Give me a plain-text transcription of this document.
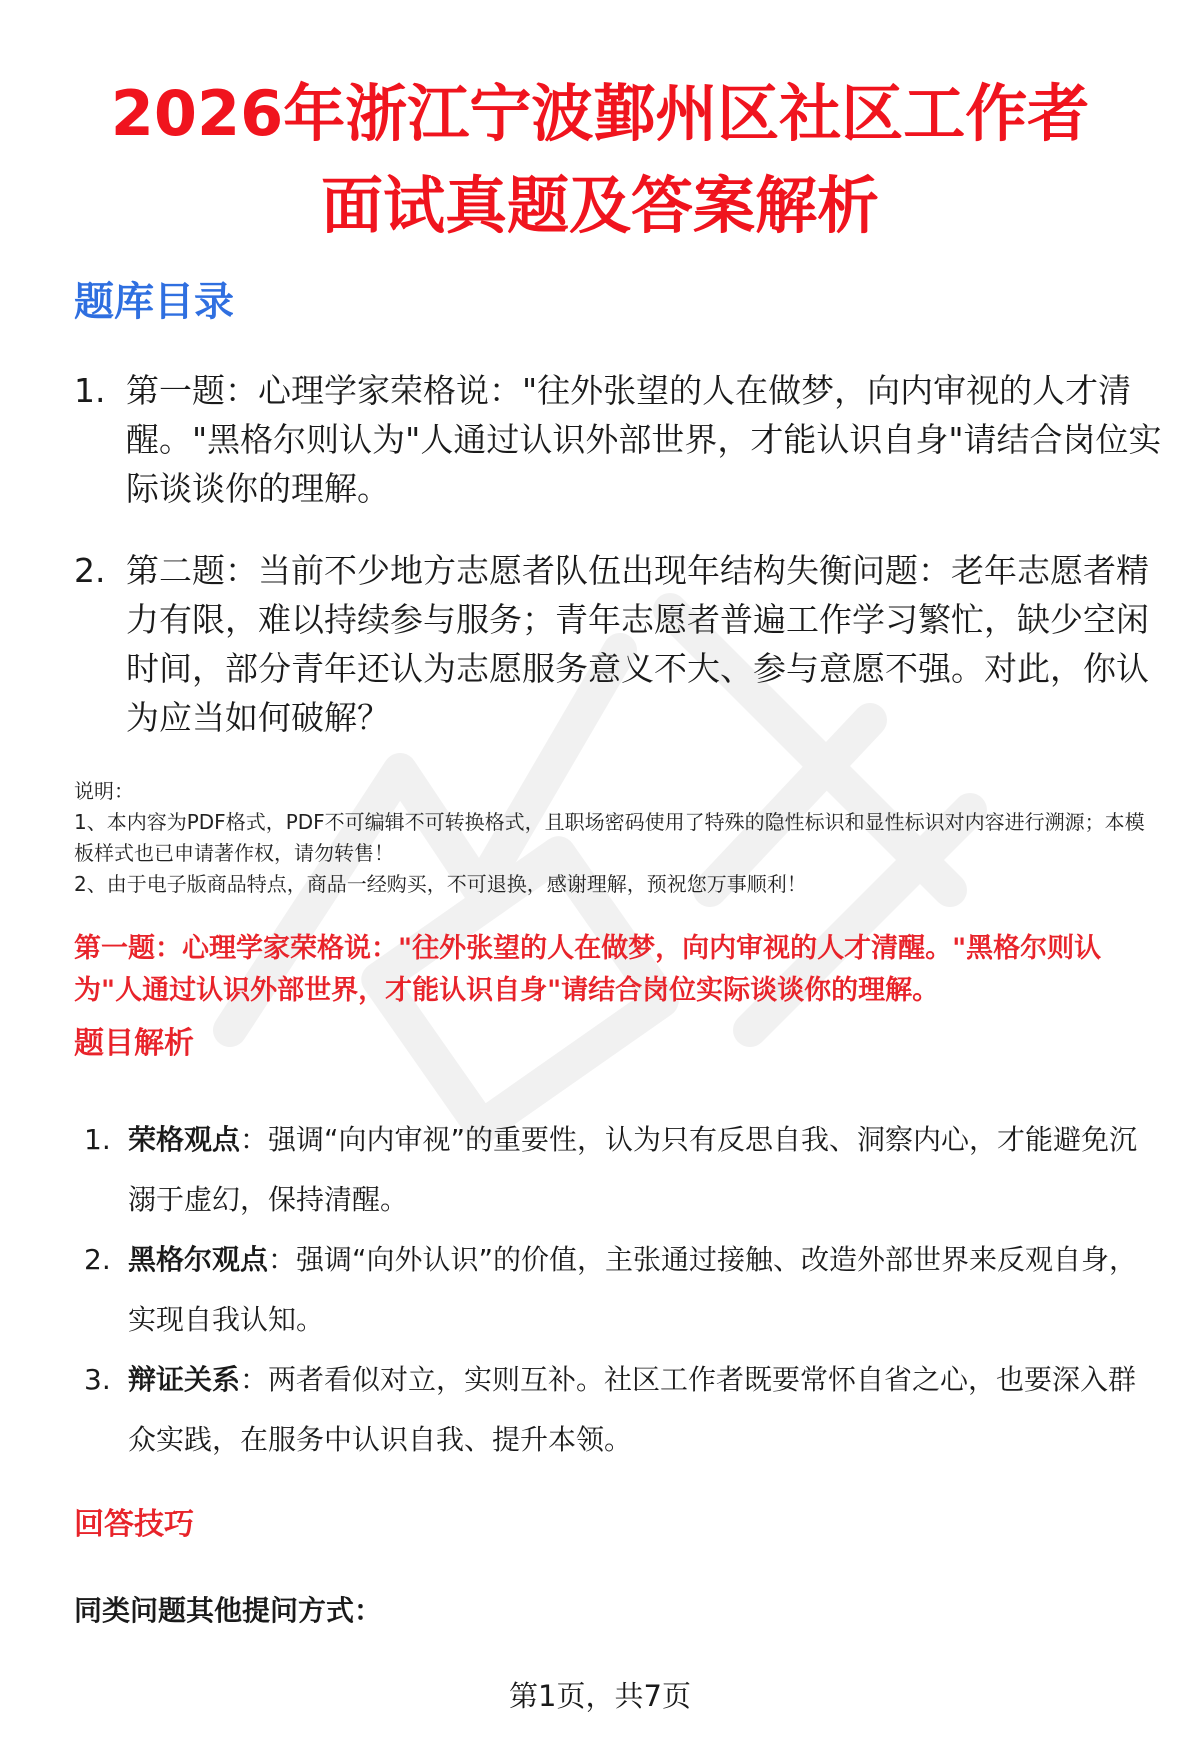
2026年浙江宁波鄞州区社区工作者
面试真题及答案解析
题库目录
1. 第一题：心理学家荣格说："往外张望的人在做梦，向内审视的人才清醒。"黑格尔则认为"人通过认识外部世界，才能认识自身"请结合岗位实际谈谈你的理解。
2. 第二题：当前不少地方志愿者队伍出现年结构失衡问题：老年志愿者精力有限，难以持续参与服务；青年志愿者普遍工作学习繁忙，缺少空闲时间，部分青年还认为志愿服务意义不大、参与意愿不强。对此，你认为应当如何破解？

说明：

1、本内容为PDF格式，PDF不可编辑不可转换格式，且职场密码使用了特殊的隐性标识和显性标识对内容进行溯源；本模板样式也已申请著作权，请勿转售！

2、由于电子版商品特点，商品一经购买，不可退换，感谢理解，预祝您万事顺利！

第一题：心理学家荣格说："往外张望的人在做梦，向内审视的人才清醒。"黑格尔则认为"人通过认识外部世界，才能认识自身"请结合岗位实际谈谈你的理解。
题目解析
1. 荣格观点：强调“向内审视”的重要性，认为只有反思自我、洞察内心，才能避免沉溺于虚幻，保持清醒。
2. 黑格尔观点：强调“向外认识”的价值，主张通过接触、改造外部世界来反观自身，实现自我认知。
3. 辩证关系：两者看似对立，实则互补。社区工作者既要常怀自省之心，也要深入群众实践，在服务中认识自我、提升本领。
回答技巧
同类问题其他提问方式：
第1页，共7页
